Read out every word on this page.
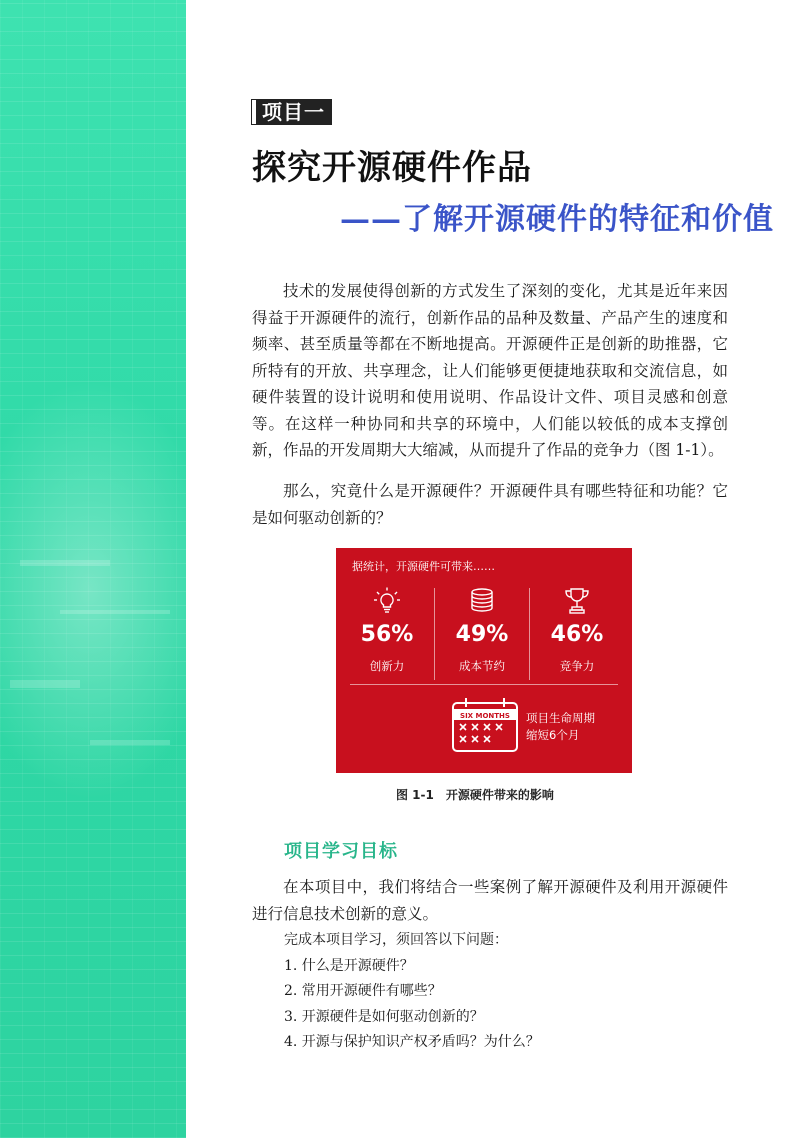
项目一
探究开源硬件作品
——了解开源硬件的特征和价值

技术的发展使得创新的方式发生了深刻的变化，尤其是近年来因得益于开源硬件的流行，创新作品的品种及数量、产品产生的速度和频率、甚至质量等都在不断地提高。开源硬件正是创新的助推器，它所特有的开放、共享理念，让人们能够更便捷地获取和交流信息，如硬件装置的设计说明和使用说明、作品设计文件、项目灵感和创意等。在这样一种协同和共享的环境中，人们能以较低的成本支撑创新，作品的开发周期大大缩减，从而提升了作品的竞争力（图 1-1）。

那么，究竟什么是开源硬件？开源硬件具有哪些特征和功能？它是如何驱动创新的？

据统计，开源硬件可带来……
56%
创新力
49%
成本节约
46%
竞争力
SIX MONTHS 项目生命周期
缩短6个月
图 1-1　开源硬件带来的影响
项目学习目标

在本项目中，我们将结合一些案例了解开源硬件及利用开源硬件进行信息技术创新的意义。

完成本项目学习，须回答以下问题：
1. 什么是开源硬件？
2. 常用开源硬件有哪些？
3. 开源硬件是如何驱动创新的？
4. 开源与保护知识产权矛盾吗？为什么？
